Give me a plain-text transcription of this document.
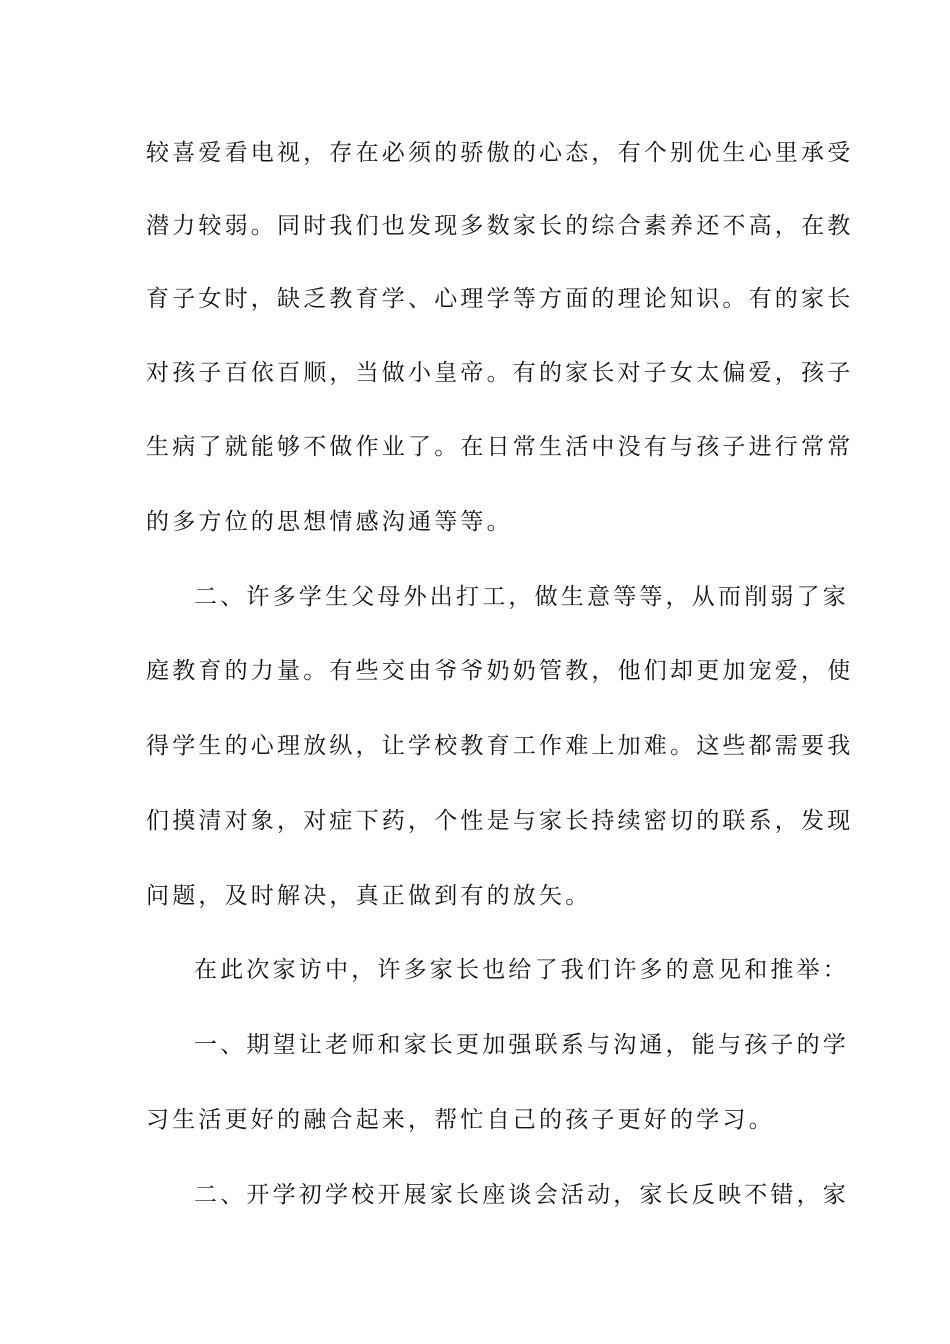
较喜爱看电视，存在必须的骄傲的心态，有个别优生心里承受
潜力较弱。同时我们也发现多数家长的综合素养还不高，在教
育子女时，缺乏教育学、心理学等方面的理论知识。有的家长
对孩子百依百顺，当做小皇帝。有的家长对子女太偏爱，孩子
生病了就能够不做作业了。在日常生活中没有与孩子进行常常
的多方位的思想情感沟通等等。
二、许多学生父母外出打工，做生意等等，从而削弱了家
庭教育的力量。有些交由爷爷奶奶管教，他们却更加宠爱，使
得学生的心理放纵，让学校教育工作难上加难。这些都需要我
们摸清对象，对症下药，个性是与家长持续密切的联系，发现
问题，及时解决，真正做到有的放矢。
在此次家访中，许多家长也给了我们许多的意见和推举：
一、期望让老师和家长更加强联系与沟通，能与孩子的学
习生活更好的融合起来，帮忙自己的孩子更好的学习。
二、开学初学校开展家长座谈会活动，家长反映不错，家
